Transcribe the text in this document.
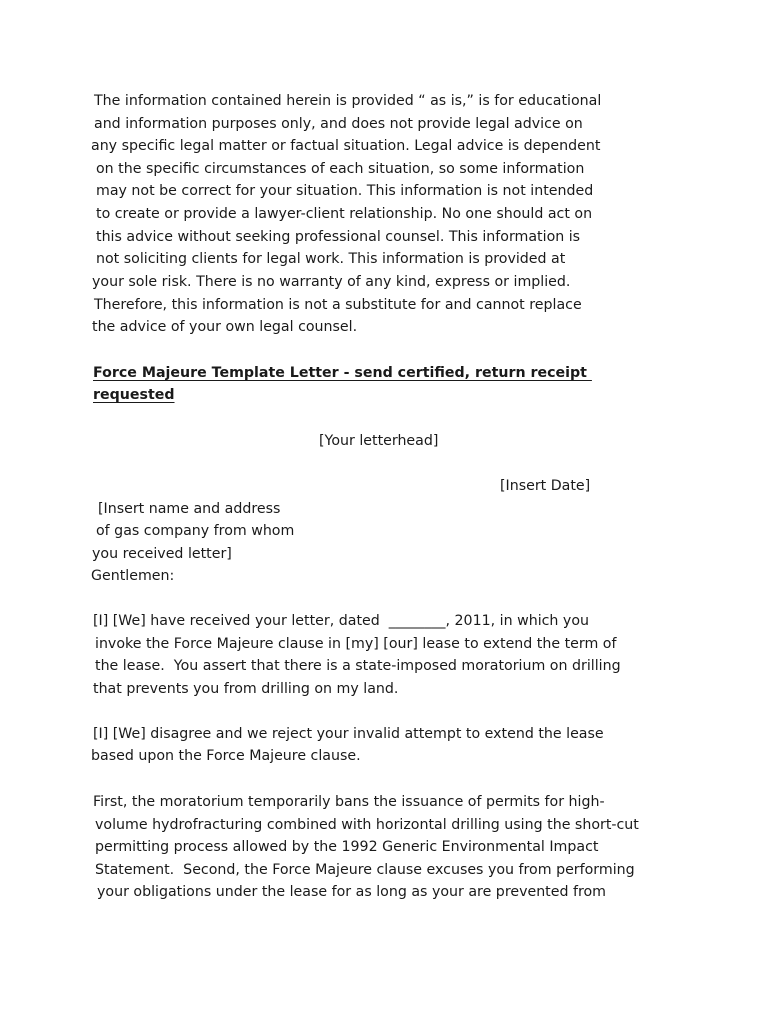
The information contained herein is provided “ as is,” is for educational
and information purposes only, and does not provide legal advice on
any specific legal matter or factual situation. Legal advice is dependent
on the specific circumstances of each situation, so some information
may not be correct for your situation. This information is not intended
to create or provide a lawyer-client relationship. No one should act on
this advice without seeking professional counsel. This information is
not soliciting clients for legal work. This information is provided at
your sole risk. There is no warranty of any kind, express or implied.
Therefore, this information is not a substitute for and cannot replace
the advice of your own legal counsel.
Force Majeure Template Letter - send certified, return receipt
requested
[Your letterhead]
[Insert Date]
[Insert name and address
of gas company from whom
you received letter]
Gentlemen:
[I] [We] have received your letter, dated  ________, 2011, in which you
invoke the Force Majeure clause in [my] [our] lease to extend the term of
the lease.  You assert that there is a state-imposed moratorium on drilling
that prevents you from drilling on my land.
[I] [We] disagree and we reject your invalid attempt to extend the lease
based upon the Force Majeure clause.
First, the moratorium temporarily bans the issuance of permits for high-
volume hydrofracturing combined with horizontal drilling using the short-cut
permitting process allowed by the 1992 Generic Environmental Impact
Statement.  Second, the Force Majeure clause excuses you from performing
your obligations under the lease for as long as your are prevented from
